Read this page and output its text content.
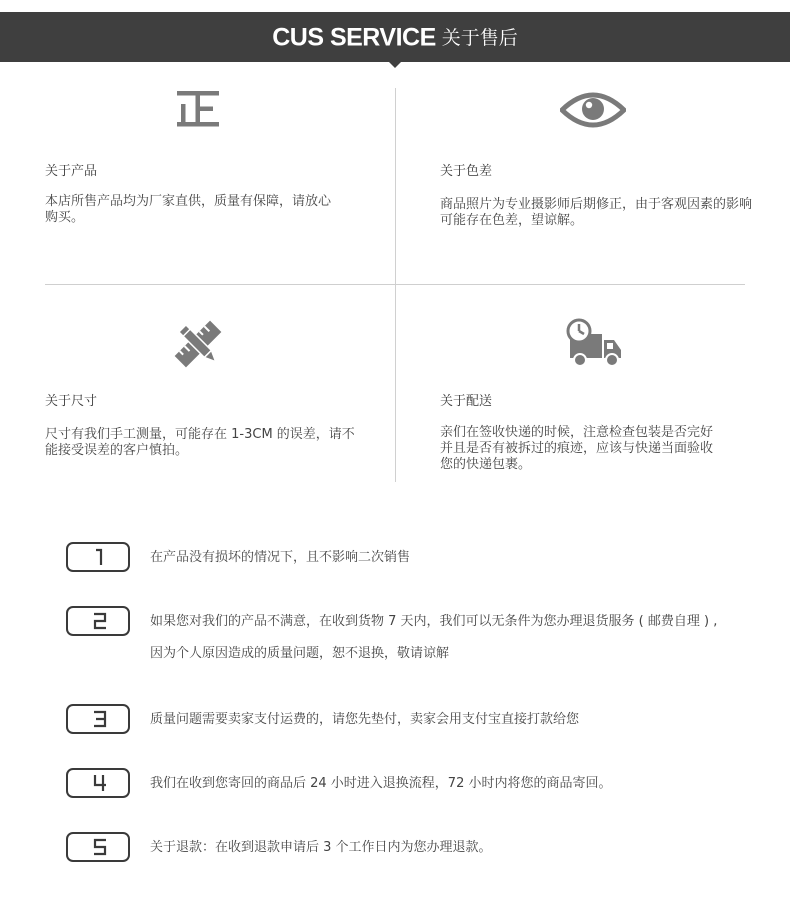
CUS SERVICE 关于售后
关于产品
本店所售产品均为厂家直供，质量有保障，请放心
购买。
关于色差
商品照片为专业摄影师后期修正，由于客观因素的影响
可能存在色差，望谅解。
关于尺寸
尺寸有我们手工测量，可能存在 1-3CM 的误差，请不
能接受误差的客户慎拍。
关于配送
亲们在签收快递的时候，注意检查包装是否完好
并且是否有被拆过的痕迹，应该与快递当面验收
您的快递包裹。
在产品没有损坏的情况下，且不影响二次销售
如果您对我们的产品不满意，在收到货物 7 天内，我们可以无条件为您办理退货服务 ( 邮费自理 ) ,
因为个人原因造成的质量问题，恕不退换，敬请谅解
质量问题需要卖家支付运费的，请您先垫付，卖家会用支付宝直接打款给您
我们在收到您寄回的商品后 24 小时进入退换流程，72 小时内将您的商品寄回。
关于退款：在收到退款申请后 3 个工作日内为您办理退款。
